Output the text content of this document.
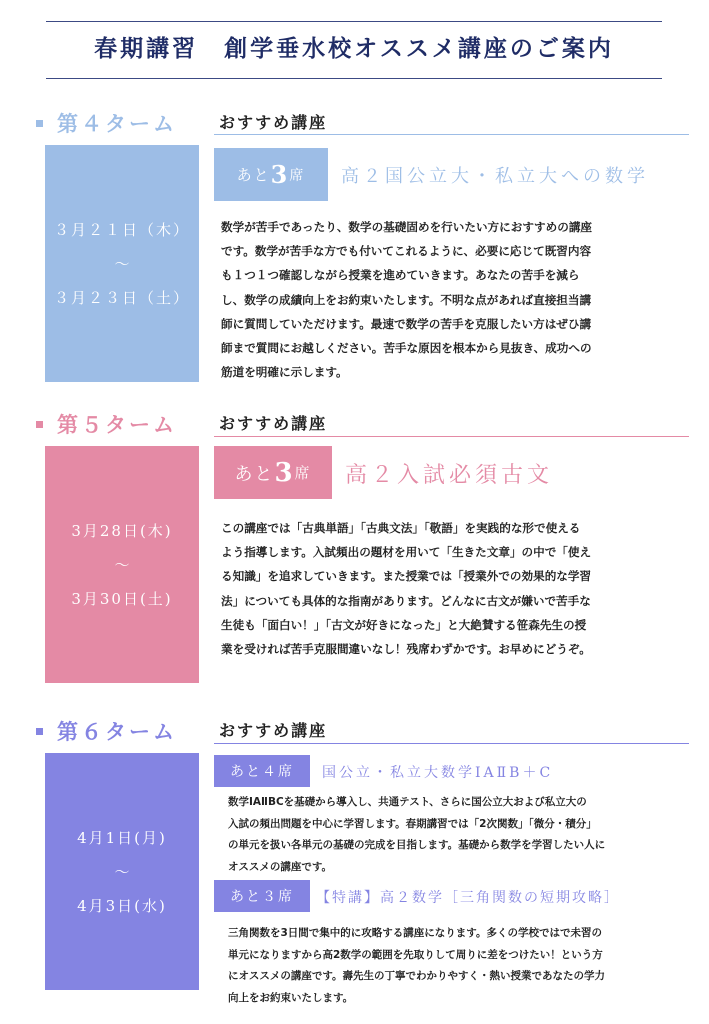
春期講習　創学垂水校オススメ講座のご案内
第４ターム	おすすめ講座
３月２１日（木）
～
３月２３日（土）
あと 3 席 高２国公立大・私立大への数学
数学が苦手であったり、数学の基礎固めを行いたい方におすすめの講座
です。数学が苦手な方でも付いてこれるように、必要に応じて既習内容
も１つ１つ確認しながら授業を進めていきます。あなたの苦手を減ら
し、数学の成績向上をお約束いたします。不明な点があれば直接担当講
師に質問していただけます。最速で数学の苦手を克服したい方はぜひ講
師まで質問にお越しください。苦手な原因を根本から見抜き、成功への
筋道を明確に示します。
第５ターム	おすすめ講座
3月28日(木)
～
3月30日(土)
あと 3 席 高２入試必須古文
この講座では「古典単語」「古典文法」「敬語」を実践的な形で使える
よう指導します。入試頻出の題材を用いて「生きた文章」の中で「使え
る知識」を追求していきます。また授業では「授業外での効果的な学習
法」についても具体的な指南があります。どんなに古文が嫌いで苦手な
生徒も「面白い！」「古文が好きになった」と大絶賛する笹森先生の授
業を受ければ苦手克服間違いなし！残席わずかです。お早めにどうぞ。
第６ターム	おすすめ講座
4月1日(月)
～
4月3日(水)
あと４席	国公立・私立大数学ⅠAⅡB＋C
数学ⅠAⅡBCを基礎から導入し、共通テスト、さらに国公立大および私立大の
入試の頻出問題を中心に学習します。春期講習では「2次関数」「微分・積分」
の単元を扱い各単元の基礎の完成を目指します。基礎から数学を学習したい人に
オススメの講座です。
あと３席	【特講】高２数学［三角関数の短期攻略］
三角関数を3日間で集中的に攻略する講座になります。多くの学校ではで未習の
単元になりますから高2数学の範囲を先取りして周りに差をつけたい！という方
にオススメの講座です。壽先生の丁寧でわかりやすく・熱い授業であなたの学力
向上をお約束いたします。
